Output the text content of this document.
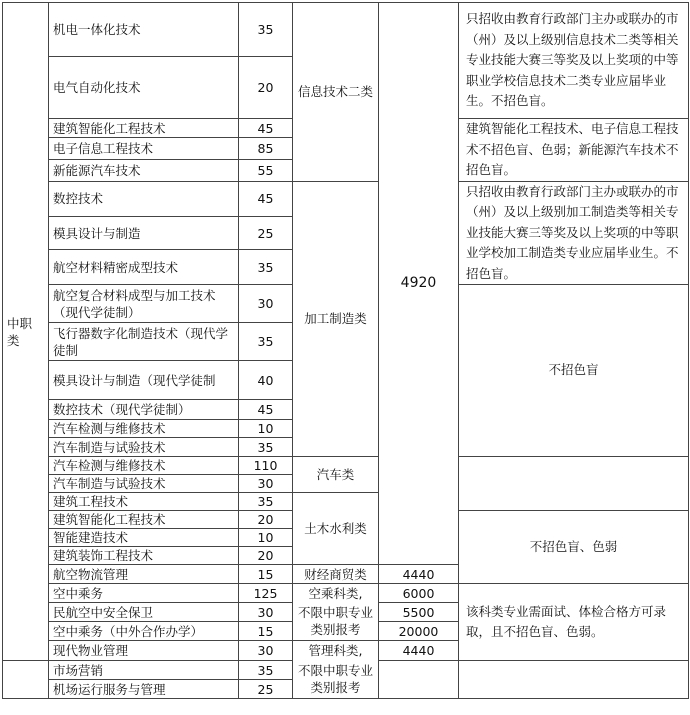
中职类	机电一体化技术	35	信息技术二类	4920	只招收由教育行政部门主办或联办的市（州）及以上级别信息技术二类等相关专业技能大赛三等奖及以上奖项的中等职业学校信息技术二类专业应届毕业生。不招色盲。
	电气自动化技术	20			
	建筑智能化工程技术	45			建筑智能化工程技术、电子信息工程技术不招色盲、色弱；新能源汽车技术不招色盲。
	电子信息工程技术	85			
	新能源汽车技术	55			
	数控技术	45	加工制造类		只招收由教育行政部门主办或联办的市（州）及以上级别加工制造类等相关专业技能大赛三等奖及以上奖项的中等职业学校加工制造类专业应届毕业生。不招色盲。
	模具设计与制造	25			
	航空材料精密成型技术	35			
	航空复合材料成型与加工技术（现代学徒制）	30			不招色盲
	飞行器数字化制造技术（现代学徒制	35			
	模具设计与制造（现代学徒制	40			
	数控技术（现代学徒制）	45			
	汽车检测与维修技术	10			
	汽车制造与试验技术	35			
	汽车检测与维修技术	110	汽车类		
	汽车制造与试验技术	30			
	建筑工程技术	35	土木水利类		
	建筑智能化工程技术	20			不招色盲、色弱
	智能建造技术	10			
	建筑装饰工程技术	20			
	航空物流管理	15	财经商贸类	4440	
	空中乘务	125	空乘科类,	6000	该科类专业需面试、体检合格方可录取，且不招色盲、色弱。
	民航空中安全保卫	30	不限中职专业类别报考	5500	
	空中乘务（中外合作办学）	15		20000	
	现代物业管理	30	管理科类,	4440	
	市场营销	35	不限中职专业类别报考		
	机场运行服务与管理	25			
